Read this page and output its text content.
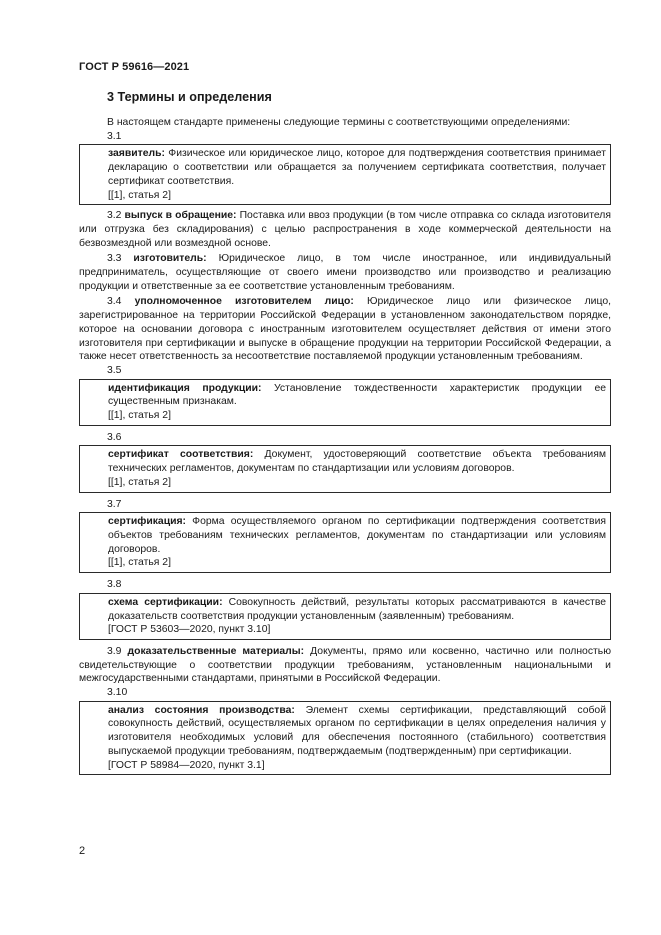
ГОСТ Р 59616—2021
3 Термины и определения
В настоящем стандарте применены следующие термины с соответствующими определениями:
3.1
заявитель: Физическое или юридическое лицо, которое для подтверждения соответствия принимает декларацию о соответствии или обращается за получением сертификата соответствия, получает сертификат соответствия.
[[1], статья 2]
3.2 выпуск в обращение: Поставка или ввоз продукции (в том числе отправка со склада изготовителя или отгрузка без складирования) с целью распространения в ходе коммерческой деятельности на безвозмездной или возмездной основе.
3.3 изготовитель: Юридическое лицо, в том числе иностранное, или индивидуальный предприниматель, осуществляющие от своего имени производство или производство и реализацию продукции и ответственные за ее соответствие установленным требованиям.
3.4 уполномоченное изготовителем лицо: Юридическое лицо или физическое лицо, зарегистрированное на территории Российской Федерации в установленном законодательством порядке, которое на основании договора с иностранным изготовителем осуществляет действия от имени этого изготовителя при сертификации и выпуске в обращение продукции на территории Российской Федерации, а также несет ответственность за несоответствие поставляемой продукции установленным требованиям.
3.5
идентификация продукции: Установление тождественности характеристик продукции ее существенным признакам.
[[1], статья 2]
3.6
сертификат соответствия: Документ, удостоверяющий соответствие объекта требованиям технических регламентов, документам по стандартизации или условиям договоров.
[[1], статья 2]
3.7
сертификация: Форма осуществляемого органом по сертификации подтверждения соответствия объектов требованиям технических регламентов, документам по стандартизации или условиям договоров.
[[1], статья 2]
3.8
схема сертификации: Совокупность действий, результаты которых рассматриваются в качестве доказательств соответствия продукции установленным (заявленным) требованиям.
[ГОСТ Р 53603—2020, пункт 3.10]
3.9 доказательственные материалы: Документы, прямо или косвенно, частично или полностью свидетельствующие о соответствии продукции требованиям, установленным национальными и межгосударственными стандартами, принятыми в Российской Федерации.
3.10
анализ состояния производства: Элемент схемы сертификации, представляющий собой совокупность действий, осуществляемых органом по сертификации в целях определения наличия у изготовителя необходимых условий для обеспечения постоянного (стабильного) соответствия выпускаемой продукции требованиям, подтверждаемым (подтвержденным) при сертификации.
[ГОСТ Р 58984—2020, пункт 3.1]
2
